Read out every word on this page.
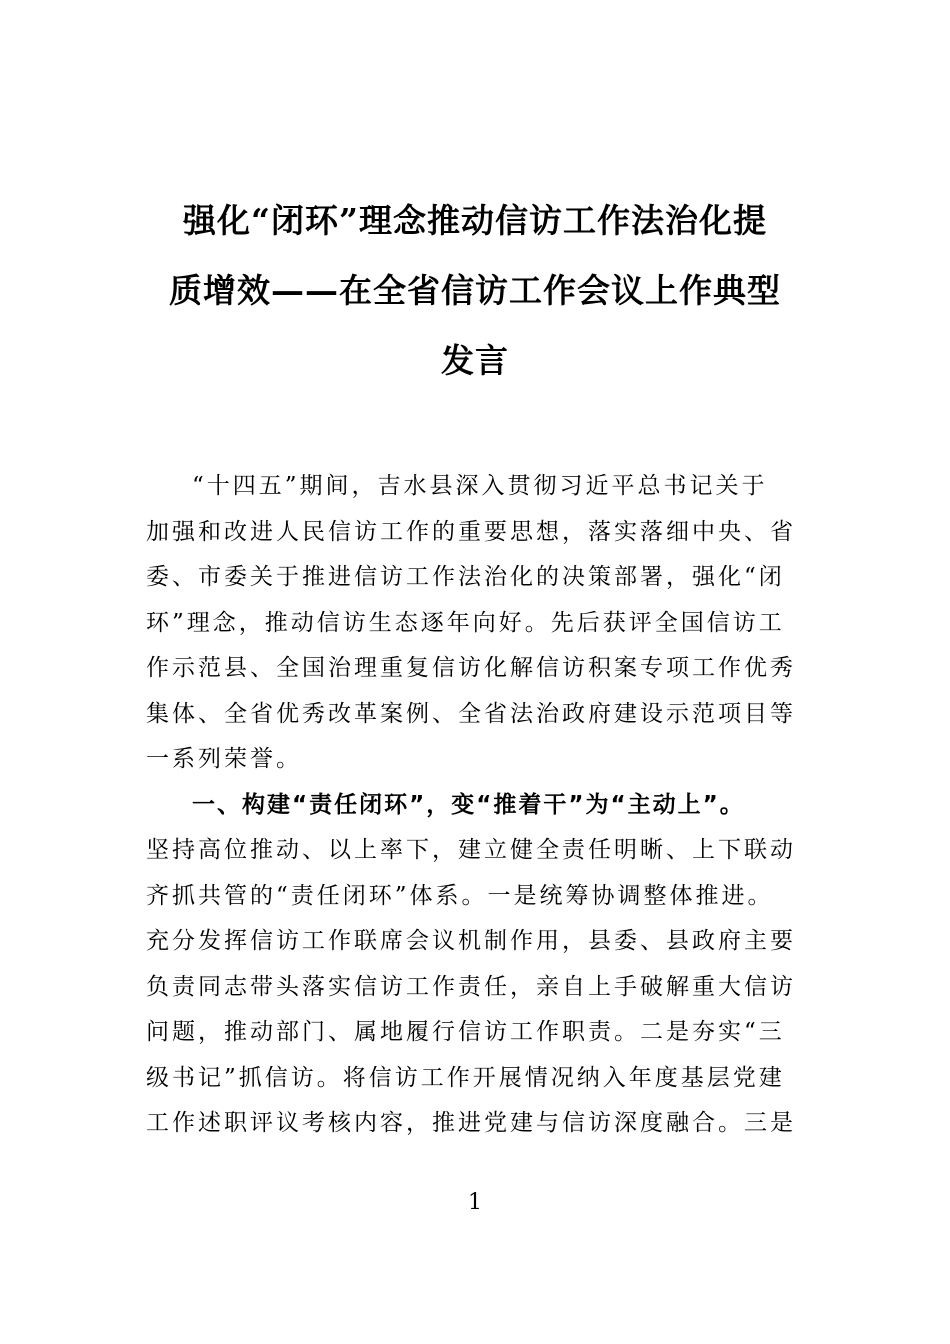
强化“闭环”理念推动信访工作法治化提
质增效——在全省信访工作会议上作典型
发言
“十四五”期间，吉水县深入贯彻习近平总书记关于
加强和改进人民信访工作的重要思想，落实落细中央、省
委、市委关于推进信访工作法治化的决策部署，强化“闭
环”理念，推动信访生态逐年向好。先后获评全国信访工
作示范县、全国治理重复信访化解信访积案专项工作优秀
集体、全省优秀改革案例、全省法治政府建设示范项目等
一系列荣誉。
一、构建“责任闭环”，变“推着干”为“主动上”。
坚持高位推动、以上率下，建立健全责任明晰、上下联动
齐抓共管的“责任闭环”体系。一是统筹协调整体推进。
充分发挥信访工作联席会议机制作用，县委、县政府主要
负责同志带头落实信访工作责任，亲自上手破解重大信访
问题，推动部门、属地履行信访工作职责。二是夯实“三
级书记”抓信访。将信访工作开展情况纳入年度基层党建
工作述职评议考核内容，推进党建与信访深度融合。三是
1
